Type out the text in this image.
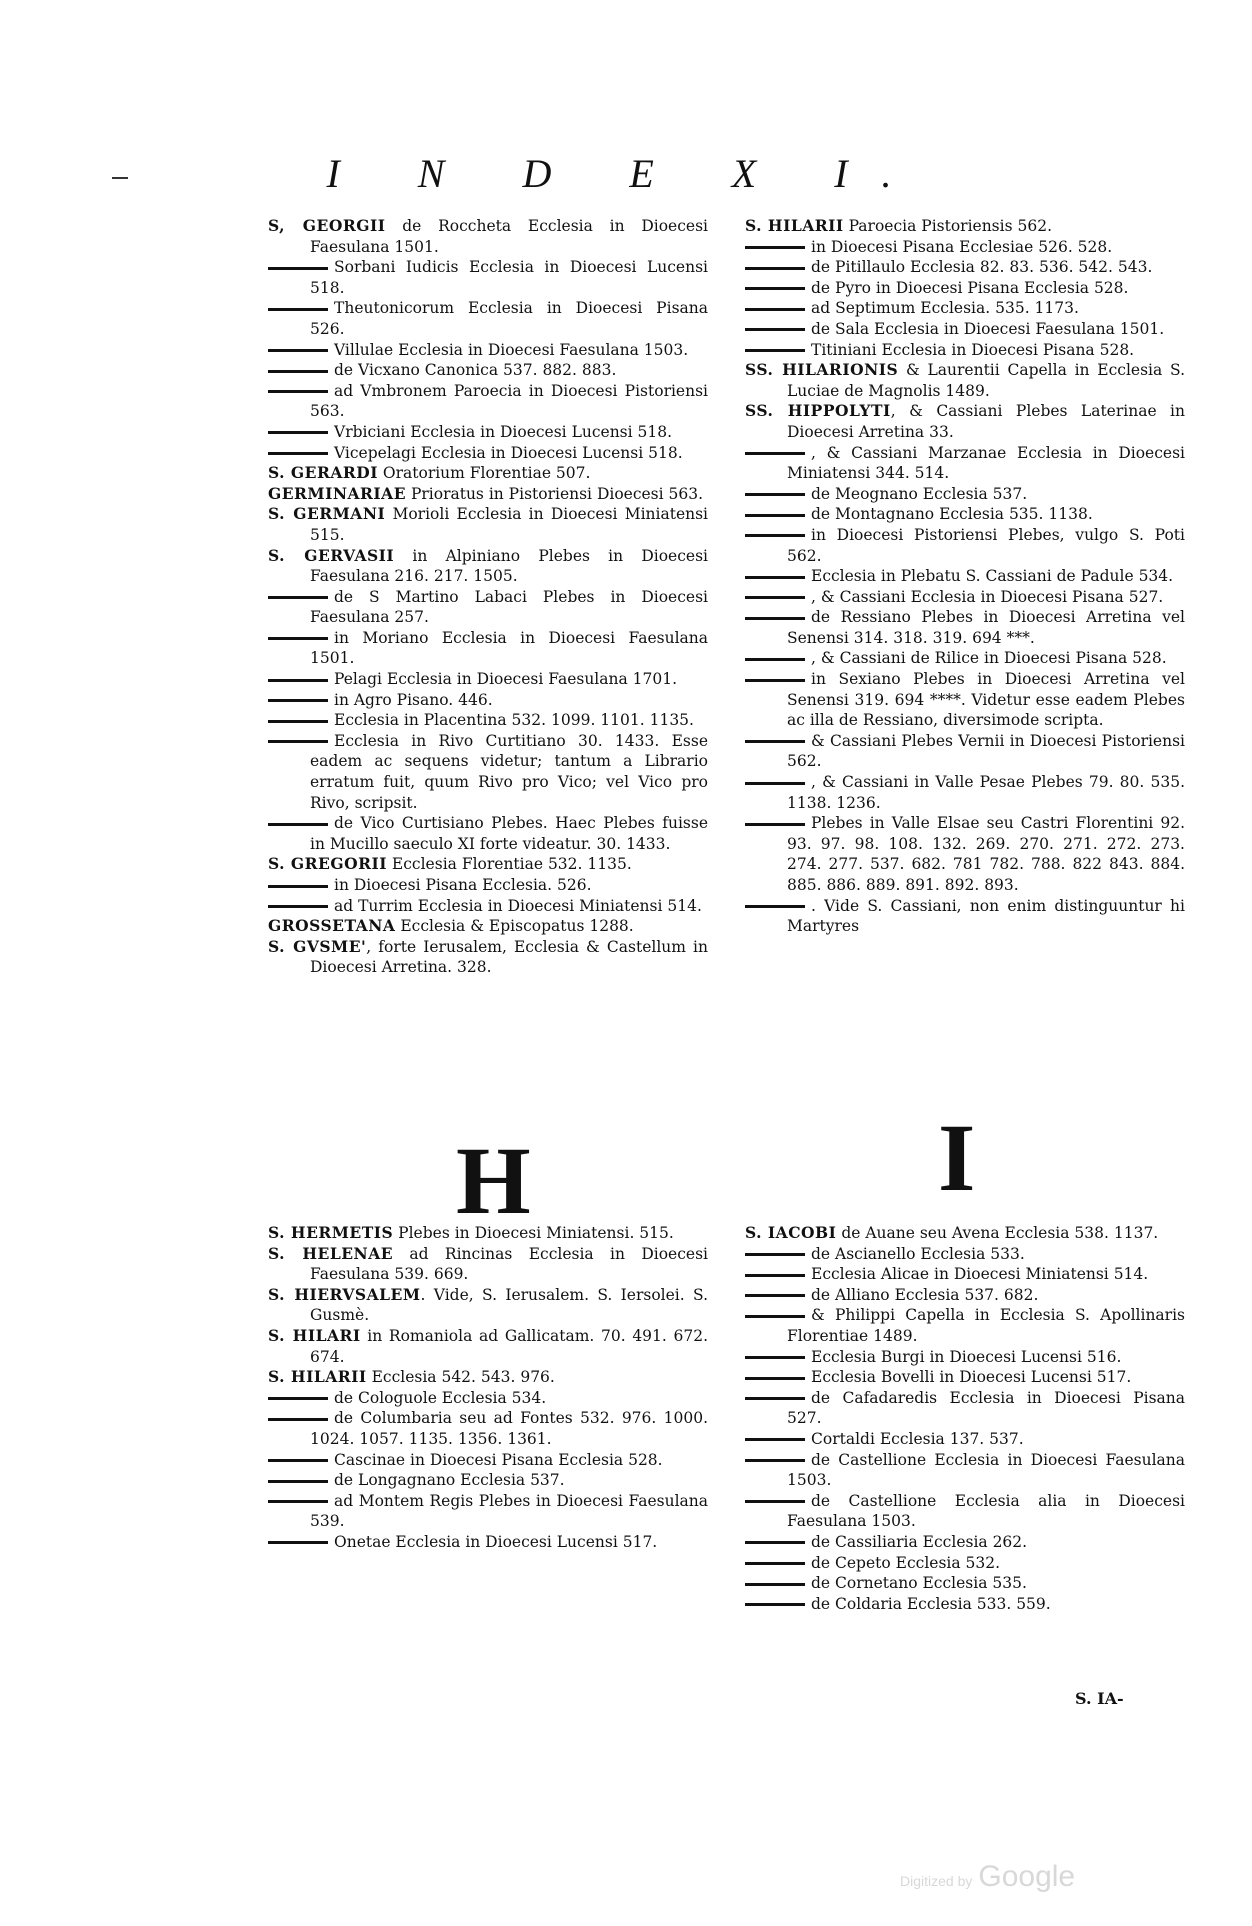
I N D E X I.

S, GEORGII de Roccheta Ecclesia in Dioecesi Faesulana 1501.

Sorbani Iudicis Ecclesia in Dioecesi Lucensi 518.

Theutonicorum Ecclesia in Dioecesi Pisana 526.

Villulae Ecclesia in Dioecesi Faesulana 1503.

de Vicxano Canonica 537. 882. 883.

ad Vmbronem Paroecia in Dioecesi Pistoriensi 563.

Vrbiciani Ecclesia in Dioecesi Lucensi 518.

Vicepelagi Ecclesia in Dioecesi Lucensi 518.

S. GERARDI Oratorium Florentiae 507.

GERMINARIAE Prioratus in Pistoriensi Dioecesi 563.

S. GERMANI Morioli Ecclesia in Dioecesi Miniatensi 515.

S. GERVASII in Alpiniano Plebes in Dioecesi Faesulana 216. 217. 1505.

de S Martino Labaci Plebes in Dioecesi Faesulana 257.

in Moriano Ecclesia in Dioecesi Faesulana 1501.

Pelagi Ecclesia in Dioecesi Faesulana 1701.

in Agro Pisano. 446.

Ecclesia in Placentina 532. 1099. 1101. 1135.

Ecclesia in Rivo Curtitiano 30. 1433. Esse eadem ac sequens videtur; tantum a Librario erratum fuit, quum Rivo pro Vico; vel Vico pro Rivo, scripsit.

de Vico Curtisiano Plebes. Haec Plebes fuisse in Mucillo saeculo XI forte videatur. 30. 1433.

S. GREGORII Ecclesia Florentiae 532. 1135.

in Dioecesi Pisana Ecclesia. 526.

ad Turrim Ecclesia in Dioecesi Miniatensi 514.

GROSSETANA Ecclesia & Episcopatus 1288.

S. GVSME', forte Ierusalem, Ecclesia & Castellum in Dioecesi Arretina. 328.

S. HILARII Paroecia Pistoriensis 562.

in Dioecesi Pisana Ecclesiae 526. 528.

de Pitillaulo Ecclesia 82. 83. 536. 542. 543.

de Pyro in Dioecesi Pisana Ecclesia 528.

ad Septimum Ecclesia. 535. 1173.

de Sala Ecclesia in Dioecesi Faesulana 1501.

Titiniani Ecclesia in Dioecesi Pisana 528.

SS. HILARIONIS & Laurentii Capella in Ecclesia S. Luciae de Magnolis 1489.

SS. HIPPOLYTI, & Cassiani Plebes Laterinae in Dioecesi Arretina 33.

, & Cassiani Marzanae Ecclesia in Dioecesi Miniatensi 344. 514.

de Meognano Ecclesia 537.

de Montagnano Ecclesia 535. 1138.

in Dioecesi Pistoriensi Plebes, vulgo S. Poti 562.

Ecclesia in Plebatu S. Cassiani de Padule 534.

, & Cassiani Ecclesia in Dioecesi Pisana 527.

de Ressiano Plebes in Dioecesi Arretina vel Senensi 314. 318. 319. 694 ***.

, & Cassiani de Rilice in Dioecesi Pisana 528.

in Sexiano Plebes in Dioecesi Arretina vel Senensi 319. 694 ****. Videtur esse eadem Plebes ac illa de Ressiano, diversimode scripta.

& Cassiani Plebes Vernii in Dioecesi Pistoriensi 562.

, & Cassiani in Valle Pesae Plebes 79. 80. 535. 1138. 1236.

Plebes in Valle Elsae seu Castri Florentini 92. 93. 97. 98. 108. 132. 269. 270. 271. 272. 273. 274. 277. 537. 682. 781 782. 788. 822 843. 884. 885. 886. 889. 891. 892. 893.

. Vide S. Cassiani, non enim distinguuntur hi Martyres

H	I

S. HERMETIS Plebes in Dioecesi Miniatensi. 515.

S. HELENAE ad Rincinas Ecclesia in Dioecesi Faesulana 539. 669.

S. HIERVSALEM. Vide, S. Ierusalem. S. Iersolei. S. Gusmè.

S. HILARI in Romaniola ad Gallicatam. 70. 491. 672. 674.

S. HILARII Ecclesia 542. 543. 976.

de Cologuole Ecclesia 534.

de Columbaria seu ad Fontes 532. 976. 1000. 1024. 1057. 1135. 1356. 1361.

Cascinae in Dioecesi Pisana Ecclesia 528.

de Longagnano Ecclesia 537.

ad Montem Regis Plebes in Dioecesi Faesulana 539.

Onetae Ecclesia in Dioecesi Lucensi 517.

S. IACOBI de Auane seu Avena Ecclesia 538. 1137.

de Ascianello Ecclesia 533.

Ecclesia Alicae in Dioecesi Miniatensi 514.

de Alliano Ecclesia 537. 682.

& Philippi Capella in Ecclesia S. Apollinaris Florentiae 1489.

Ecclesia Burgi in Dioecesi Lucensi 516.

Ecclesia Bovelli in Dioecesi Lucensi 517.

de Cafadaredis Ecclesia in Dioecesi Pisana 527.

Cortaldi Ecclesia 137. 537.

de Castellione Ecclesia in Dioecesi Faesulana 1503.

de Castellione Ecclesia alia in Dioecesi Faesulana 1503.

de Cassiliaria Ecclesia 262.

de Cepeto Ecclesia 532.

de Cornetano Ecclesia 535.

de Coldaria Ecclesia 533. 559.

S. IA-
Digitized by Google
